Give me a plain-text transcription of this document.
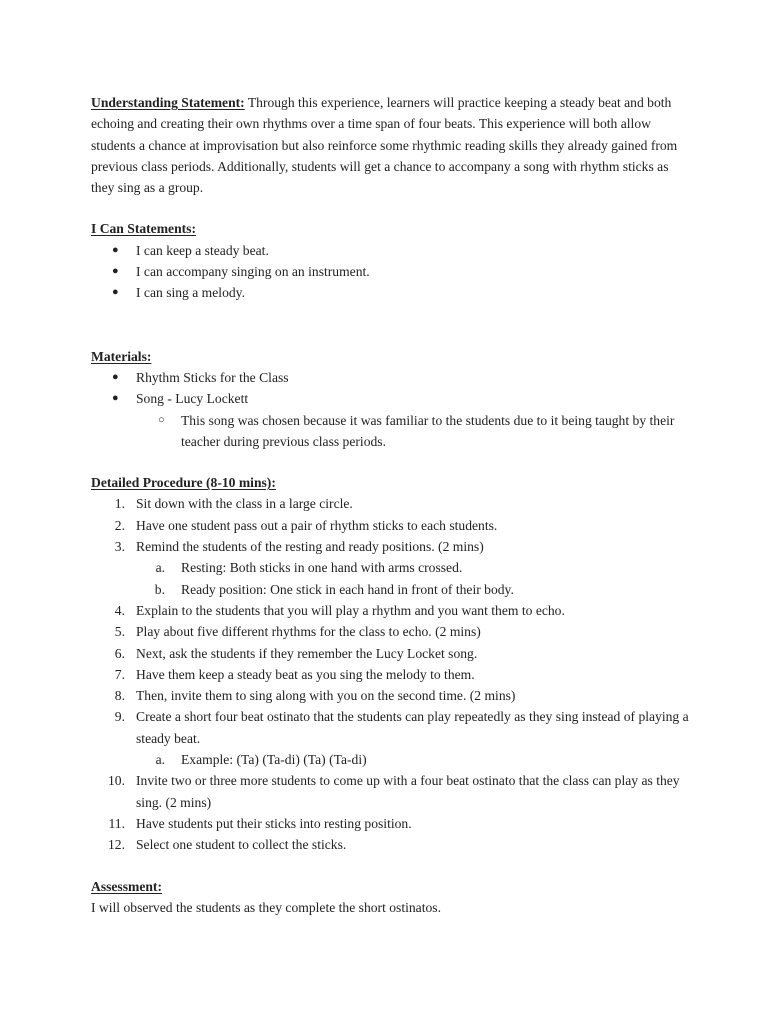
Understanding Statement: Through this experience, learners will practice keeping a steady beat and both echoing and creating their own rhythms over a time span of four beats. This experience will both allow students a chance at improvisation but also reinforce some rhythmic reading skills they already gained from previous class periods. Additionally, students will get a chance to accompany a song with rhythm sticks as they sing as a group.

I Can Statements:
● I can keep a steady beat.
● I can accompany singing on an instrument.
● I can sing a melody.
Materials:
● Rhythm Sticks for the Class
● Song - Lucy Lockett
○ This song was chosen because it was familiar to the students due to it being taught by their teacher during previous class periods.
Detailed Procedure (8-10 mins):
1. Sit down with the class in a large circle.
2. Have one student pass out a pair of rhythm sticks to each students.
3. Remind the students of the resting and ready positions. (2 mins)
a. Resting: Both sticks in one hand with arms crossed.
b. Ready position: One stick in each hand in front of their body.
4. Explain to the students that you will play a rhythm and you want them to echo.
5. Play about five different rhythms for the class to echo. (2 mins)
6. Next, ask the students if they remember the Lucy Locket song.
7. Have them keep a steady beat as you sing the melody to them.
8. Then, invite them to sing along with you on the second time. (2 mins)
9. Create a short four beat ostinato that the students can play repeatedly as they sing instead of playing a steady beat.
a. Example: (Ta) (Ta-di) (Ta) (Ta-di)
10. Invite two or three more students to come up with a four beat ostinato that the class can play as they sing. (2 mins)
11. Have students put their sticks into resting position.
12. Select one student to collect the sticks.
Assessment:

I will observed the students as they complete the short ostinatos.
